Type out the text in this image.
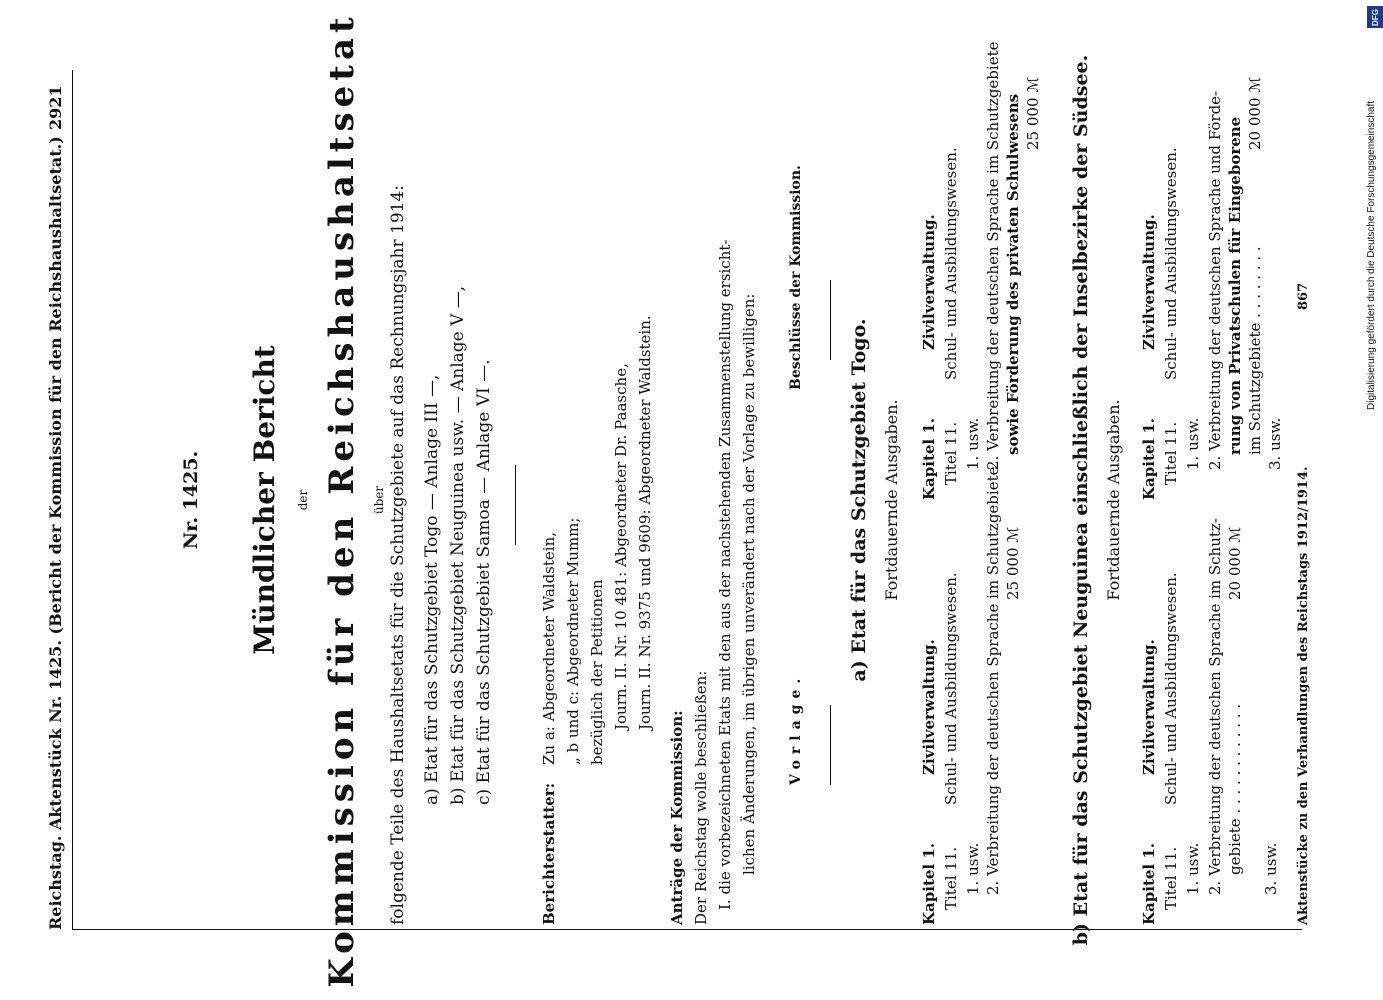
Reichstag. Aktenstück Nr. 1425. (Bericht der Kommission für den Reichshaushaltsetat.)
2921
Nr. 1425. Mündlicher Bericht der Kommission für den Reichshaushaltsetat über folgende Teile des Haushaltsetats für die Schutzgebiete auf das Rechnungsjahr 1914: a) Etat für das Schutzgebiet Togo — Anlage III —, b) Etat für das Schutzgebiet Neuguinea usw. — Anlage V —, c) Etat für das Schutzgebiet Samoa — Anlage VI —.
Berichterstatter:
Zu a: Abgeordneter Waldstein, „ b und c: Abgeordneter Mumm; bezüglich der Petitionen Journ. II. Nr. 10 481: Abgeordneter Dr. Paasche, Journ. II. Nr. 9375 und 9609: Abgeordneter Waldstein.
Anträge der Kommission: Der Reichstag wolle beschließen: I. die vorbezeichneten Etats mit den aus der nachstehenden Zusammenstellung ersicht- lichen Änderungen, im übrigen unverändert nach der Vorlage zu bewilligen: Vorlage.
Beschlüsse der Kommission.
a) Etat für das Schutzgebiet Togo. Fortdauernde Ausgaben.
Kapitel 1.
Zivilverwaltung.
Titel 11.
Schul- und Ausbildungswesen.
1. usw. 2. Verbreitung der deutschen Sprache im Schutzgebiete 25 000 ℳ
Kapitel 1.
Zivilverwaltung.
Titel 11.
Schul- und Ausbildungswesen.
1. usw. 2. Verbreitung der deutschen Sprache im Schutzgebiete sowie Förderung des privaten Schulwesens 25 000 ℳ b) Etat für das Schutzgebiet Neuguinea einschließlich der Inselbezirke der Südsee. Fortdauernde Ausgaben.
Kapitel 1.
Zivilverwaltung.
Titel 11.
Schul- und Ausbildungswesen.
1. usw. 2. Verbreitung der deutschen Sprache im Schutz- gebiete . . . . . . . . . . . .
20 000 ℳ
3. usw.
Kapitel 1.
Zivilverwaltung.
Titel 11.
Schul- und Ausbildungswesen.
1. usw. 2. Verbreitung der deutschen Sprache und Förde- rung von Privatschulen für Eingeborene im Schutzgebiete . . . . . . . .
20 000 ℳ
3. usw.
Aktenstücke zu den Verhandlungen des Reichstags 1912/1914.
867
DFG
Digitalisierung gefördert durch die Deutsche Forschungsgemeinschaft
